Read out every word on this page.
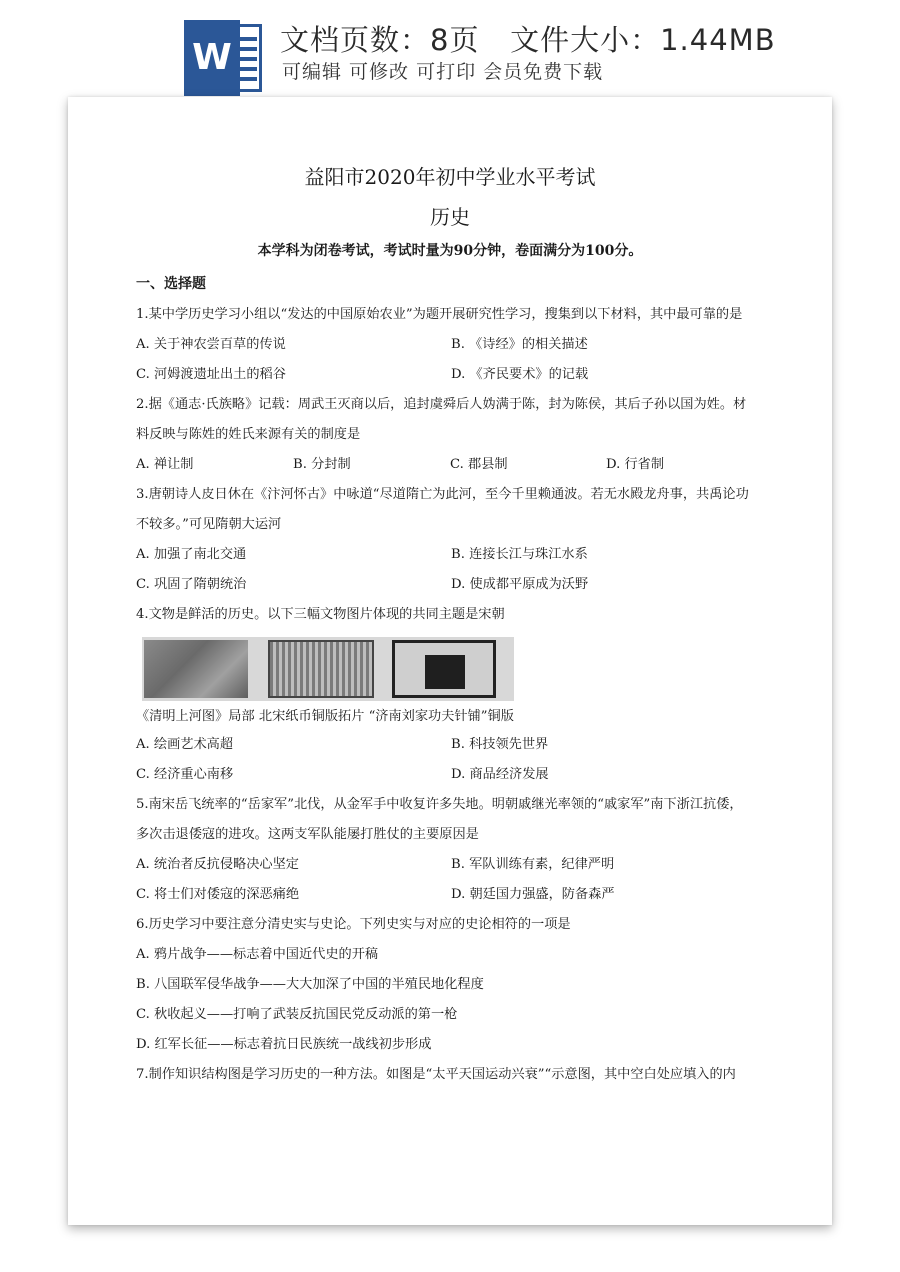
W 文档页数：8页   文件大小：1.44MB
可编辑 可修改 可打印 会员免费下载
益阳市2020年初中学业水平考试
历史
本学科为闭卷考试，考试时量为90分钟，卷面满分为100分。
一、选择题
1.某中学历史学习小组以“发达的中国原始农业”为题开展研究性学习，搜集到以下材料，其中最可靠的是
A. 关于神农尝百草的传说	B. 《诗经》的相关描述
C. 河姆渡遗址出土的稻谷	D. 《齐民要术》的记载
2.据《通志·氏族略》记载：周武王灭商以后，追封虞舜后人妫满于陈，封为陈侯，其后子孙以国为姓。材
料反映与陈姓的姓氏来源有关的制度是
A. 禅让制	B. 分封制	C. 郡县制	D. 行省制
3.唐朝诗人皮日休在《汴河怀古》中咏道“尽道隋亡为此河，至今千里赖通波。若无水殿龙舟事，共禹论功
不较多。”可见隋朝大运河
A. 加强了南北交通	B. 连接长江与珠江水系
C. 巩固了隋朝统治	D. 使成都平原成为沃野
4.文物是鲜活的历史。以下三幅文物图片体现的共同主题是宋朝
《清明上河图》局部 北宋纸币铜版拓片 “济南刘家功夫针铺”铜版
A. 绘画艺术高超	B. 科技领先世界
C. 经济重心南移	D. 商品经济发展
5.南宋岳飞统率的“岳家军”北伐，从金军手中收复许多失地。明朝戚继光率领的“戚家军”南下浙江抗倭，
多次击退倭寇的进攻。这两支军队能屡打胜仗的主要原因是
A. 统治者反抗侵略决心坚定	B. 军队训练有素，纪律严明
C. 将士们对倭寇的深恶痛绝	D. 朝廷国力强盛，防备森严
6.历史学习中要注意分清史实与史论。下列史实与对应的史论相符的一项是
A. 鸦片战争——标志着中国近代史的开稿
B. 八国联军侵华战争——大大加深了中国的半殖民地化程度
C. 秋收起义——打响了武装反抗国民党反动派的第一枪
D. 红军长征——标志着抗日民族统一战线初步形成
7.制作知识结构图是学习历史的一种方法。如图是“太平天国运动兴衰”“示意图，其中空白处应填入的内
